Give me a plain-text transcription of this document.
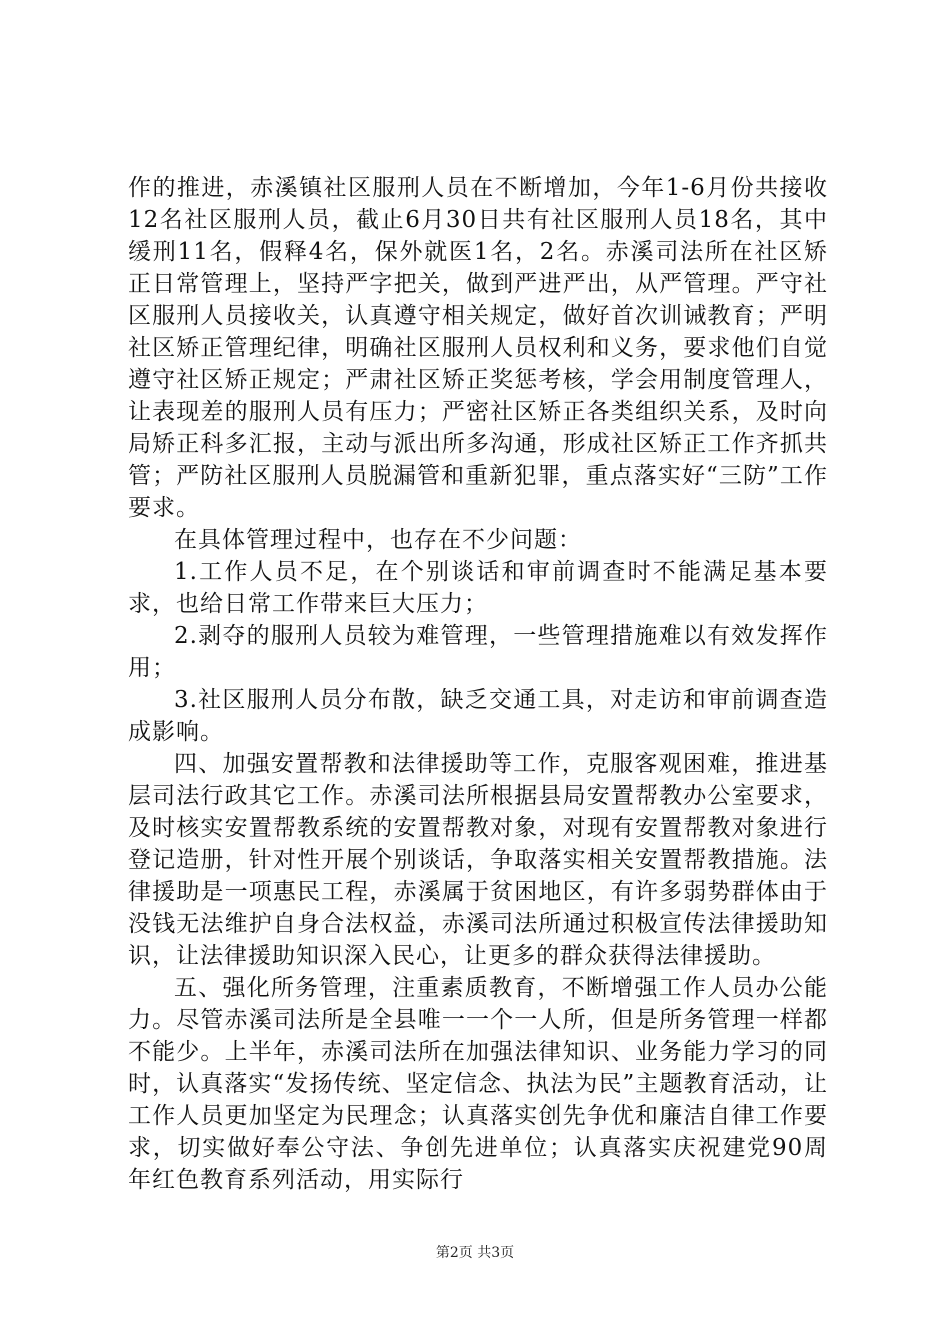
作的推进，赤溪镇社区服刑人员在不断增加，今年1-6月份共接收12名社区服刑人员，截止6月30日共有社区服刑人员18名，其中缓刑11名，假释4名，保外就医1名，2名。赤溪司法所在社区矫正日常管理上，坚持严字把关，做到严进严出，从严管理。严守社区服刑人员接收关，认真遵守相关规定，做好首次训诫教育；严明社区矫正管理纪律，明确社区服刑人员权利和义务，要求他们自觉遵守社区矫正规定；严肃社区矫正奖惩考核，学会用制度管理人，让表现差的服刑人员有压力；严密社区矫正各类组织关系，及时向局矫正科多汇报，主动与派出所多沟通，形成社区矫正工作齐抓共管；严防社区服刑人员脱漏管和重新犯罪，重点落实好“三防”工作要求。

在具体管理过程中，也存在不少问题：

1.工作人员不足，在个别谈话和审前调查时不能满足基本要求，也给日常工作带来巨大压力；

2.剥夺的服刑人员较为难管理，一些管理措施难以有效发挥作用；

3.社区服刑人员分布散，缺乏交通工具，对走访和审前调查造成影响。

四、加强安置帮教和法律援助等工作，克服客观困难，推进基层司法行政其它工作。赤溪司法所根据县局安置帮教办公室要求，及时核实安置帮教系统的安置帮教对象，对现有安置帮教对象进行登记造册，针对性开展个别谈话，争取落实相关安置帮教措施。法律援助是一项惠民工程，赤溪属于贫困地区，有许多弱势群体由于没钱无法维护自身合法权益，赤溪司法所通过积极宣传法律援助知识，让法律援助知识深入民心，让更多的群众获得法律援助。

五、强化所务管理，注重素质教育，不断增强工作人员办公能力。尽管赤溪司法所是全县唯一一个一人所，但是所务管理一样都不能少。上半年，赤溪司法所在加强法律知识、业务能力学习的同时，认真落实“发扬传统、坚定信念、执法为民”主题教育活动，让工作人员更加坚定为民理念；认真落实创先争优和廉洁自律工作要求，切实做好奉公守法、争创先进单位；认真落实庆祝建党90周年红色教育系列活动，用实际行

第2页 共3页
